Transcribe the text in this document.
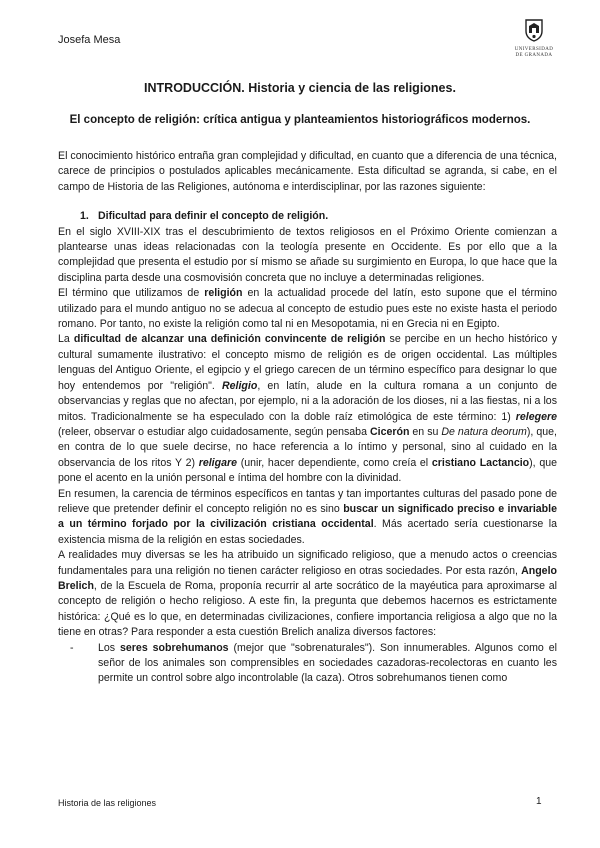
Josefa Mesa
UNIVERSIDAD
DE GRANADA
INTRODUCCIÓN. Historia y ciencia de las religiones.
El concepto de religión: crítica antigua y planteamientos historiográficos modernos.

El conocimiento histórico entraña gran complejidad y dificultad, en cuanto que a diferencia de una técnica, carece de principios o postulados aplicables mecánicamente. Esta dificultad se agranda, si cabe, en el campo de Historia de las Religiones, autónoma e interdisciplinar, por las razones siguiente:

1. Dificultad para definir el concepto de religión.

En el siglo XVIII-XIX tras el descubrimiento de textos religiosos en el Próximo Oriente comienzan a plantearse unas ideas relacionadas con la teología presente en Occidente. Es por ello que a la complejidad que presenta el estudio por sí mismo se añade su surgimiento en Europa, lo que hace que la disciplina parta desde una cosmovisión concreta que no incluye a determinadas religiones.

El término que utilizamos de religión en la actualidad procede del latín, esto supone que el término utilizado para el mundo antiguo no se adecua al concepto de estudio pues este no existe hasta el periodo romano. Por tanto, no existe la religión como tal ni en Mesopotamia, ni en Grecia ni en Egipto.

La dificultad de alcanzar una definición convincente de religión se percibe en un hecho histórico y cultural sumamente ilustrativo: el concepto mismo de religión es de origen occidental. Las múltiples lenguas del Antiguo Oriente, el egipcio y el griego carecen de un término específico para designar lo que hoy entendemos por "religión". Religio, en latín, alude en la cultura romana a un conjunto de observancias y reglas que no afectan, por ejemplo, ni a la adoración de los dioses, ni a las fiestas, ni a los mitos. Tradicionalmente se ha especulado con la doble raíz etimológica de este término: 1) relegere (releer, observar o estudiar algo cuidadosamente, según pensaba Cicerón en su De natura deorum), que, en contra de lo que suele decirse, no hace referencia a lo íntimo y personal, sino al cuidado en la observancia de los ritos Y 2) religare (unir, hacer dependiente, como creía el cristiano Lactancio), que pone el acento en la unión personal e íntima del hombre con la divinidad.

En resumen, la carencia de términos específicos en tantas y tan importantes culturas del pasado pone de relieve que pretender definir el concepto religión no es sino buscar un significado preciso e invariable a un término forjado por la civilización cristiana occidental. Más acertado sería cuestionarse la existencia misma de la religión en estas sociedades.

A realidades muy diversas se les ha atribuido un significado religioso, que a menudo actos o creencias fundamentales para una religión no tienen carácter religioso en otras sociedades. Por esta razón, Angelo Brelich, de la Escuela de Roma, proponía recurrir al arte socrático de la mayéutica para aproximarse al concepto de religión o hecho religioso. A este fin, la pregunta que debemos hacernos es estrictamente histórica: ¿Qué es lo que, en determinadas civilizaciones, confiere importancia religiosa a algo que no la tiene en otras? Para responder a esta cuestión Brelich analiza diversos factores:

-	Los seres sobrehumanos (mejor que "sobrenaturales"). Son innumerables. Algunos como el señor de los animales son comprensibles en sociedades cazadoras-recolectoras en cuanto les permite un control sobre algo incontrolable (la caza). Otros sobrehumanos tienen como

Historia de las religiones	1
